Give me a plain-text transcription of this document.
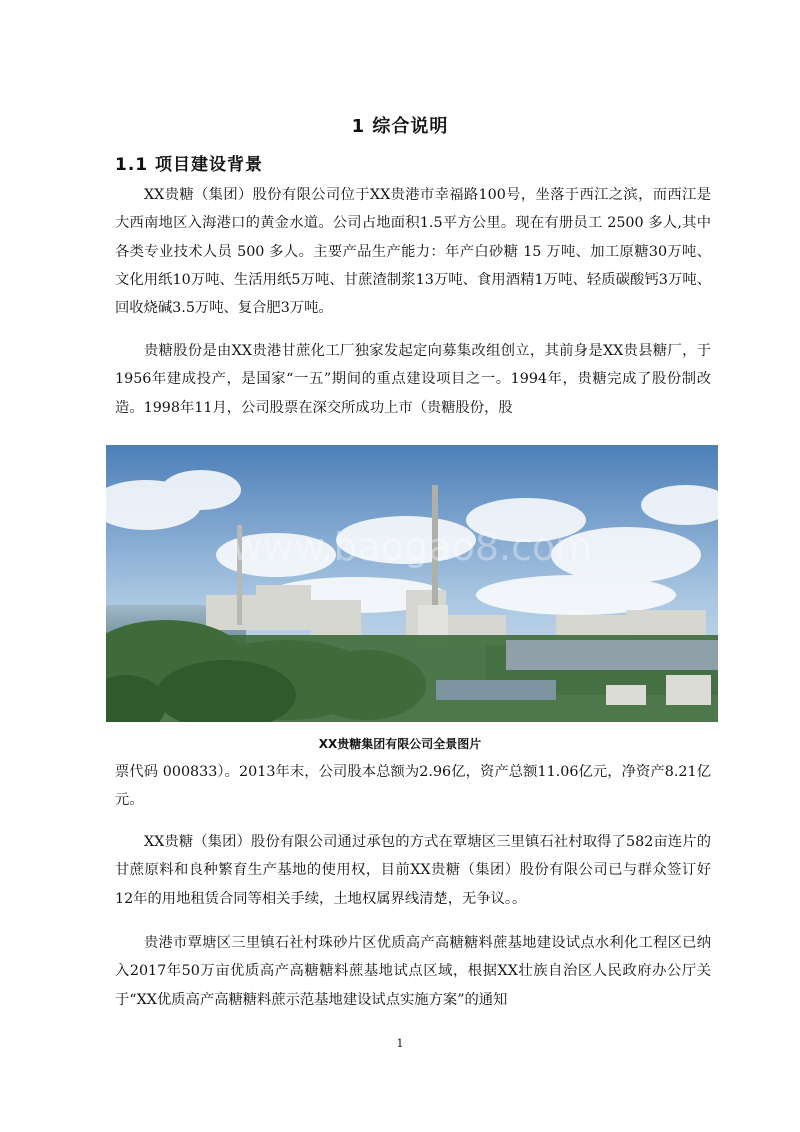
1 综合说明
1.1 项目建设背景

XX贵糖（集团）股份有限公司位于XX贵港市幸福路100号，坐落于西江之滨，而西江是大西南地区入海港口的黄金水道。公司占地面积1.5平方公里。现在有册员工 2500 多人,其中各类专业技术人员 500 多人。主要产品生产能力：年产白砂糖 15 万吨、加工原糖30万吨、文化用纸10万吨、生活用纸5万吨、甘蔗渣制浆13万吨、食用酒精1万吨、轻质碳酸钙3万吨、回收烧碱3.5万吨、复合肥3万吨。

贵糖股份是由XX贵港甘蔗化工厂独家发起定向募集改组创立，其前身是XX贵县糖厂，于1956年建成投产，是国家“一五”期间的重点建设项目之一。1994年，贵糖完成了股份制改造。1998年11月，公司股票在深交所成功上市（贵糖股份，股

www.baogao8.com
XX贵糖集团有限公司全景图片

票代码 000833）。2013年末，公司股本总额为2.96亿，资产总额11.06亿元，净资产8.21亿元。

XX贵糖（集团）股份有限公司通过承包的方式在覃塘区三里镇石社村取得了582亩连片的甘蔗原料和良种繁育生产基地的使用权，目前XX贵糖（集团）股份有限公司已与群众签订好12年的用地租赁合同等相关手续，土地权属界线清楚，无争议。。

贵港市覃塘区三里镇石社村珠砂片区优质高产高糖糖料蔗基地建设试点水利化工程区已纳入2017年50万亩优质高产高糖糖料蔗基地试点区域，根据XX壮族自治区人民政府办公厅关于“XX优质高产高糖糖料蔗示范基地建设试点实施方案”的通知

1
